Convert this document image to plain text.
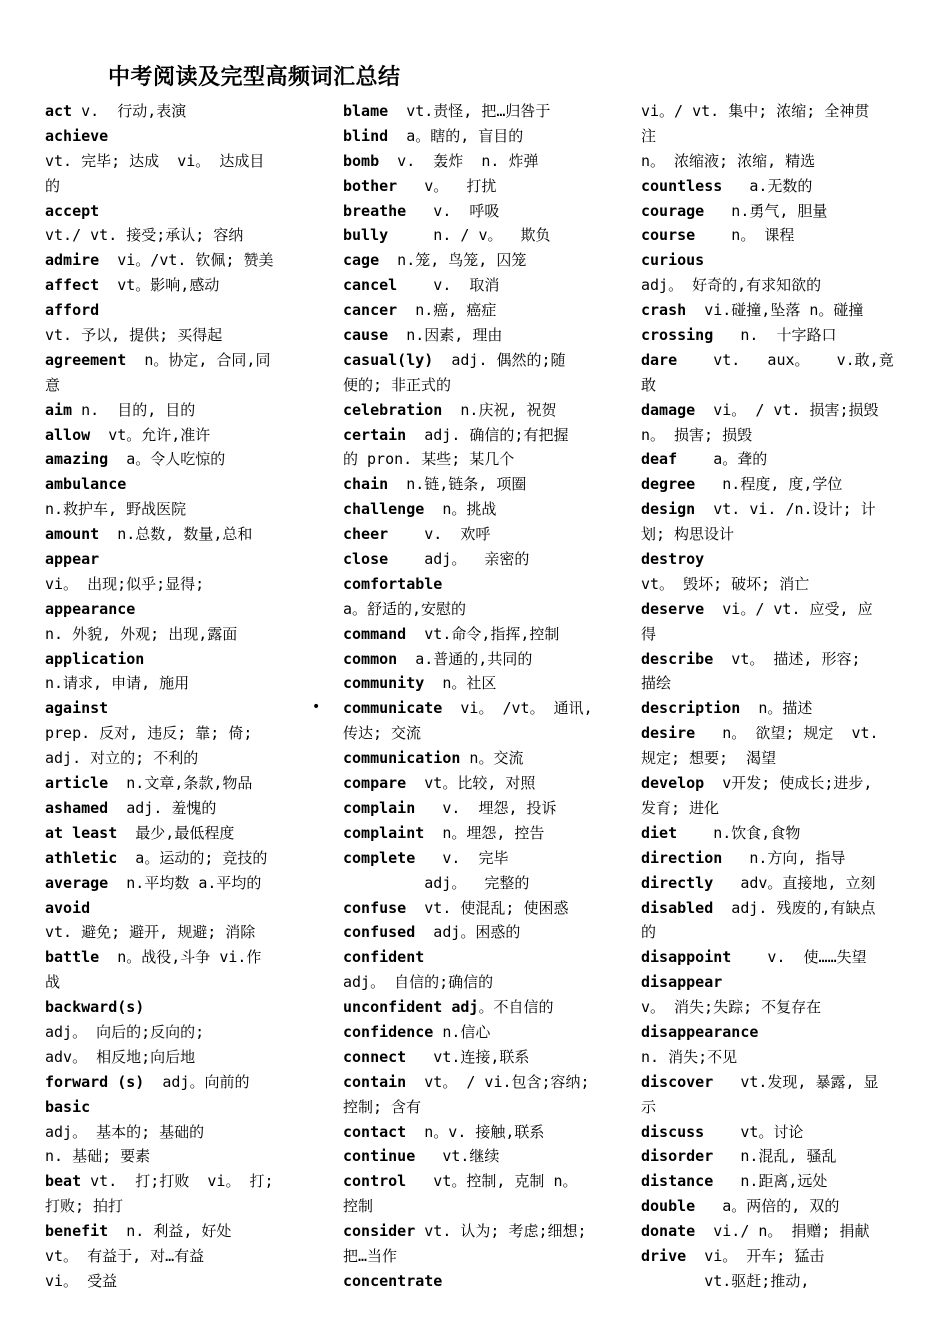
中考阅读及完型高频词汇总结
act v.  行动,表演
achieve
vt. 完毕; 达成  vi。 达成目
的
accept
vt./ vt. 接受;承认; 容纳
admire  vi。/vt. 钦佩; 赞美
affect  vt。影响,感动
afford
vt. 予以, 提供; 买得起
agreement  n。协定, 合同,同
意
aim n.  目的, 目的
allow  vt。允许,准许
amazing  a。令人吃惊的
ambulance
n.救护车, 野战医院
amount  n.总数, 数量,总和
appear
vi。 出现;似乎;显得;
appearance
n. 外貌, 外观; 出现,露面
application
n.请求, 申请, 施用
against
prep. 反对, 违反; 靠; 倚;
adj. 对立的; 不利的
article  n.文章,条款,物品
ashamed  adj. 羞愧的
at least  最少,最低程度
athletic  a。运动的; 竞技的
average  n.平均数 a.平均的
avoid
vt. 避免; 避开, 规避; 消除
battle  n。战役,斗争 vi.作
战
backward(s)
adj。 向后的;反向的;
adv。 相反地;向后地
forward (s)  adj。向前的
basic
adj。 基本的; 基础的
n. 基础; 要素
beat vt.  打;打败  vi。 打;
打败; 拍打
benefit  n. 利益, 好处
vt。 有益于, 对…有益
vi。 受益
blame  vt.责怪, 把…归咎于
blind  a。瞎的, 盲目的
bomb  v.  轰炸  n. 炸弹
bother   v。  打扰
breathe   v.  呼吸
bully     n. / v。  欺负
cage  n.笼, 鸟笼, 囚笼
cancel    v.  取消
cancer  n.癌, 癌症
cause  n.因素, 理由
casual(ly)  adj. 偶然的;随
便的; 非正式的
celebration  n.庆祝, 祝贺
certain  adj. 确信的;有把握
的 pron. 某些; 某几个
chain  n.链,链条, 项圈
challenge  n。挑战
cheer    v.  欢呼
close    adj。  亲密的
comfortable
a。舒适的,安慰的
command  vt.命令,指挥,控制
common  a.普通的,共同的
community  n。社区
communicate  vi。 /vt。 通讯,
传达; 交流
communication n。交流
compare  vt。比较, 对照
complain   v.  埋怨, 投诉
complaint  n。埋怨, 控告
complete   v.  完毕
adj。  完整的
confuse  vt. 使混乱; 使困惑
confused  adj。困惑的
confident
adj。 自信的;确信的
unconfident adj。不自信的
confidence n.信心
connect   vt.连接,联系
contain  vt。 / vi.包含;容纳;
控制; 含有
contact  n。v. 接触,联系
continue   vt.继续
control   vt。控制, 克制 n。
控制
consider vt. 认为; 考虑;细想;
把…当作
concentrate
vi。/ vt. 集中; 浓缩; 全神贯
注
n。 浓缩液; 浓缩, 精选
countless   a.无数的
courage   n.勇气, 胆量
course    n。 课程
curious
adj。 好奇的,有求知欲的
crash  vi.碰撞,坠落 n。碰撞
crossing   n.  十字路口
dare    vt.   aux。   v.敢,竟
敢
damage  vi。 / vt. 损害;损毁
n。 损害; 损毁
deaf    a。聋的
degree   n.程度, 度,学位
design  vt. vi. /n.设计; 计
划; 构思设计
destroy
vt。 毁坏; 破坏; 消亡
deserve  vi。/ vt. 应受, 应
得
describe  vt。 描述, 形容;
描绘
description  n。描述
desire   n。 欲望; 规定  vt.
规定; 想要;  渴望
develop  v开发; 使成长;进步,
发育; 进化
diet    n.饮食,食物
direction   n.方向, 指导
directly   adv。直接地, 立刻
disabled  adj. 残废的,有缺点
的
disappoint    v.  使……失望
disappear
v。 消失;失踪; 不复存在
disappearance
n. 消失;不见
discover   vt.发现, 暴露, 显
示
discuss    vt。讨论
disorder   n.混乱, 骚乱
distance   n.距离,远处
double   a。两倍的, 双的
donate  vi./ n。 捐赠; 捐献
drive  vi。 开车; 猛击
vt.驱赶;推动,
•
